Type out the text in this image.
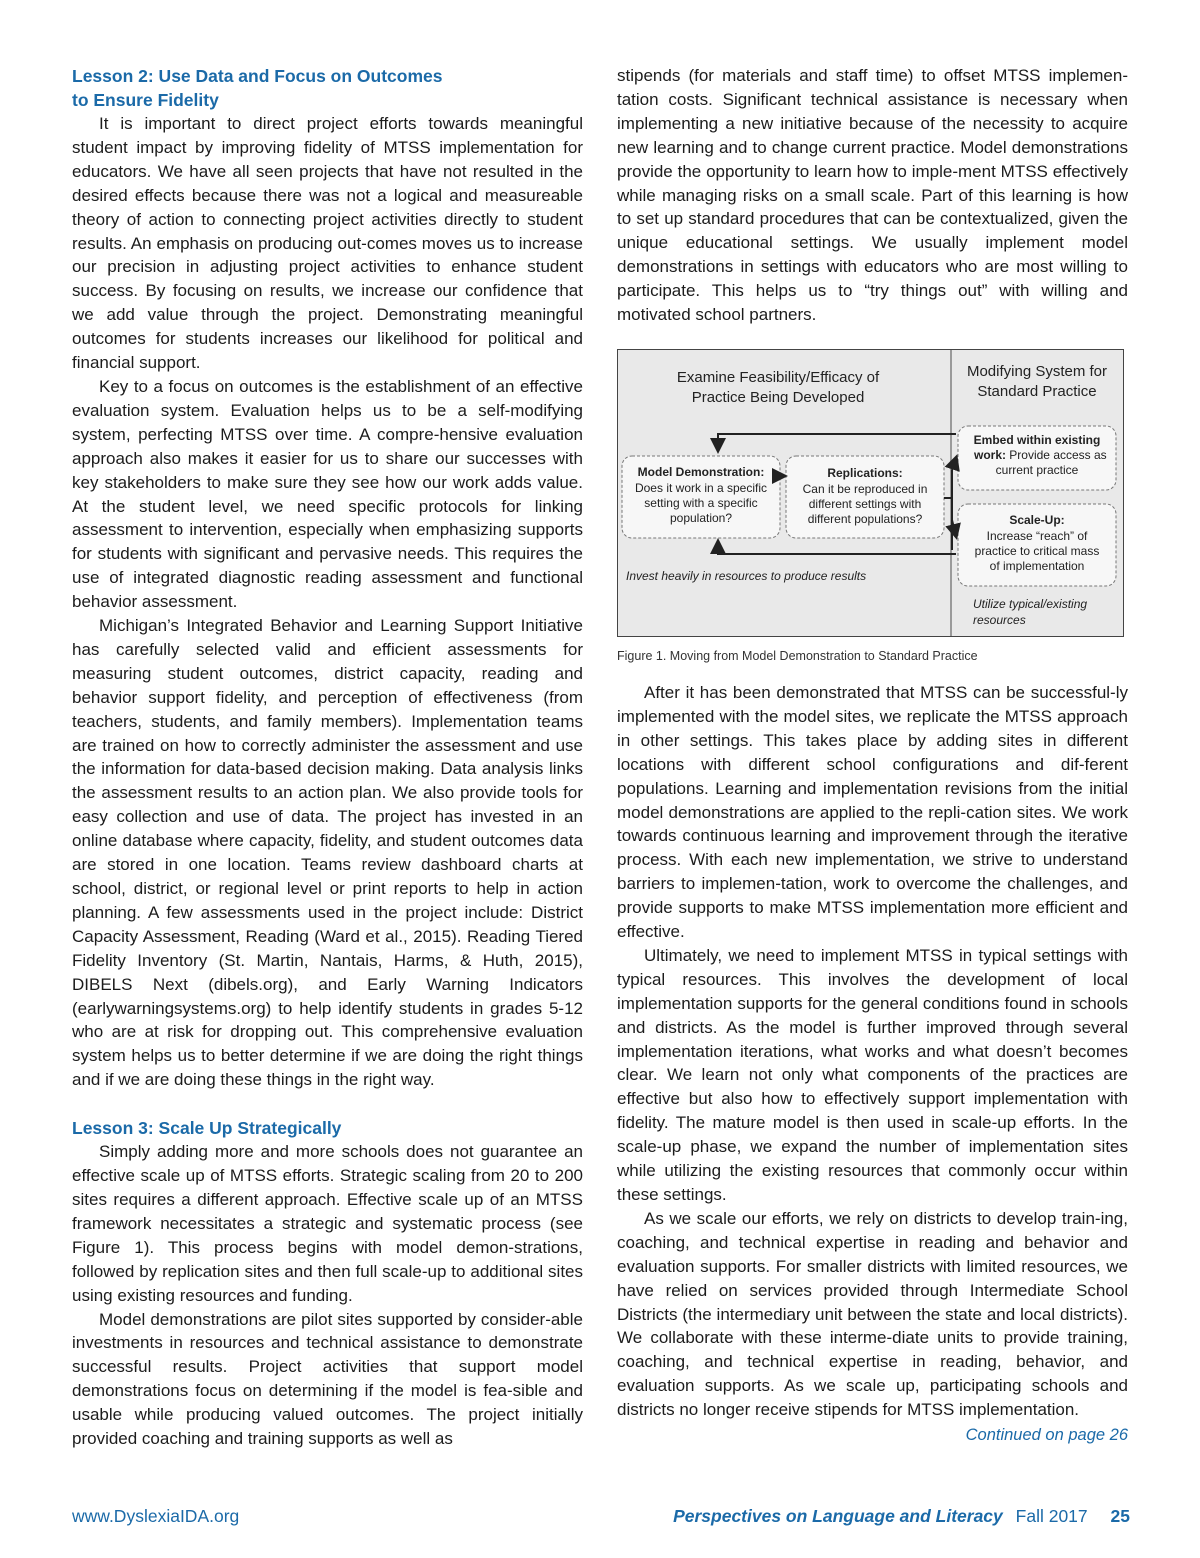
Lesson 2: Use Data and Focus on Outcomes
to Ensure Fidelity

It is important to direct project efforts towards meaningful student impact by improving fidelity of MTSS implementation for educators. We have all seen projects that have not resulted in the desired effects because there was not a logical and measureable theory of action to connecting project activities directly to student results. An emphasis on producing out-comes moves us to increase our precision in adjusting project activities to enhance student success. By focusing on results, we increase our confidence that we add value through the project. Demonstrating meaningful outcomes for students increases our likelihood for political and financial support.

Key to a focus on outcomes is the establishment of an effective evaluation system. Evaluation helps us to be a self-modifying system, perfecting MTSS over time. A compre-hensive evaluation approach also makes it easier for us to share our successes with key stakeholders to make sure they see how our work adds value. At the student level, we need specific protocols for linking assessment to intervention, especially when emphasizing supports for students with significant and pervasive needs. This requires the use of integrated diagnostic reading assessment and functional behavior assessment.

Michigan’s Integrated Behavior and Learning Support Initiative has carefully selected valid and efficient assessments for measuring student outcomes, district capacity, reading and behavior support fidelity, and perception of effectiveness (from teachers, students, and family members). Implementation teams are trained on how to correctly administer the assessment and use the information for data-based decision making. Data analysis links the assessment results to an action plan. We also provide tools for easy collection and use of data. The project has invested in an online database where capacity, fidelity, and student outcomes data are stored in one location. Teams review dashboard charts at school, district, or regional level or print reports to help in action planning. A few assessments used in the project include: District Capacity Assessment, Reading (Ward et al., 2015). Reading Tiered Fidelity Inventory (St. Martin, Nantais, Harms, & Huth, 2015), DIBELS Next (dibels.org), and Early Warning Indicators (earlywarningsystems.org) to help identify students in grades 5-12 who are at risk for dropping out. This comprehensive evaluation system helps us to better determine if we are doing the right things and if we are doing these things in the right way.

Lesson 3: Scale Up Strategically

Simply adding more and more schools does not guarantee an effective scale up of MTSS efforts. Strategic scaling from 20 to 200 sites requires a different approach. Effective scale up of an MTSS framework necessitates a strategic and systematic process (see Figure 1). This process begins with model demon-strations, followed by replication sites and then full scale-up to additional sites using existing resources and funding.

Model demonstrations are pilot sites supported by consider-able investments in resources and technical assistance to demonstrate successful results. Project activities that support model demonstrations focus on determining if the model is fea-sible and usable while producing valued outcomes. The project initially provided coaching and training supports as well as

stipends (for materials and staff time) to offset MTSS implemen-tation costs. Significant technical assistance is necessary when implementing a new initiative because of the necessity to acquire new learning and to change current practice. Model demonstrations provide the opportunity to learn how to imple-ment MTSS effectively while managing risks on a small scale. Part of this learning is how to set up standard procedures that can be contextualized, given the unique educational settings. We usually implement model demonstrations in settings with educators who are most willing to participate. This helps us to “try things out” with willing and motivated school partners.

Examine Feasibility/Efficacy of
Practice Being Developed
Modifying System for
Standard Practice
Model Demonstration:
Does it work in a specific
setting with a specific
population?
Replications:
Can it be reproduced in
different settings with
different populations?
Embed within existing
work: Provide access as
current practice
Scale-Up:
Increase “reach” of
practice to critical mass
of implementation
Invest heavily in resources to produce results
Utilize typical/existing
resources
Figure 1. Moving from Model Demonstration to Standard Practice

After it has been demonstrated that MTSS can be successful-ly implemented with the model sites, we replicate the MTSS approach in other settings. This takes place by adding sites in different locations with different school configurations and dif-ferent populations. Learning and implementation revisions from the initial model demonstrations are applied to the repli-cation sites. We work towards continuous learning and improvement through the iterative process. With each new implementation, we strive to understand barriers to implemen-tation, work to overcome the challenges, and provide supports to make MTSS implementation more efficient and effective.

Ultimately, we need to implement MTSS in typical settings with typical resources. This involves the development of local implementation supports for the general conditions found in schools and districts. As the model is further improved through several implementation iterations, what works and what doesn’t becomes clear. We learn not only what components of the practices are effective but also how to effectively support implementation with fidelity. The mature model is then used in scale-up efforts. In the scale-up phase, we expand the number of implementation sites while utilizing the existing resources that commonly occur within these settings.

As we scale our efforts, we rely on districts to develop train-ing, coaching, and technical expertise in reading and behavior and evaluation supports. For smaller districts with limited resources, we have relied on services provided through Intermediate School Districts (the intermediary unit between the state and local districts). We collaborate with these interme-diate units to provide training, coaching, and technical expertise in reading, behavior, and evaluation supports. As we scale up, participating schools and districts no longer receive stipends for MTSS implementation.

Continued on page 26
www.DyslexiaIDA.org	Perspectives on Language and Literacy Fall 2017 25
